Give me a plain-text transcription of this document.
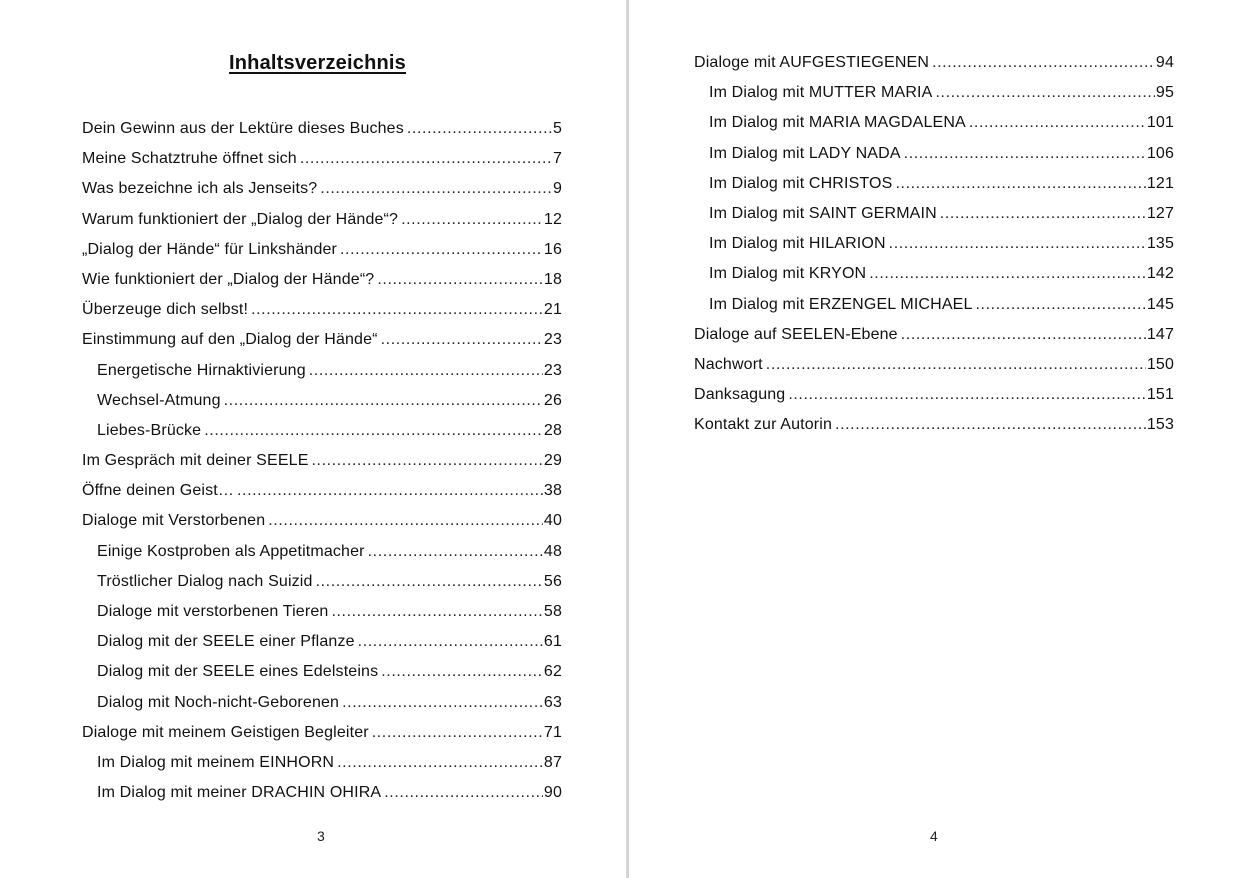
Inhaltsverzeichnis
Dein Gewinn aus der Lektüre dieses Buches .....	5
Meine Schatztruhe öffnet sich .....	7
Was bezeichne ich als Jenseits? .....	9
Warum funktioniert der „Dialog der Hände“? .....	12
„Dialog der Hände“ für Linkshänder .....	16
Wie funktioniert der „Dialog der Hände“? .....	18
Überzeuge dich selbst! .....	21
Einstimmung auf den „Dialog der Hände“ .....	23
Energetische Hirnaktivierung .....	23
Wechsel-Atmung .....	26
Liebes-Brücke .....	28
Im Gespräch mit deiner SEELE .....	29
Öffne deinen Geist… .....	38
Dialoge mit Verstorbenen .....	40
Einige Kostproben als Appetitmacher .....	48
Tröstlicher Dialog nach Suizid .....	56
Dialoge mit verstorbenen Tieren .....	58
Dialog mit der SEELE einer Pflanze .....	61
Dialog mit der SEELE eines Edelsteins .....	62
Dialog mit Noch-nicht-Geborenen .....	63
Dialoge mit meinem Geistigen Begleiter .....	71
Im Dialog mit meinem EINHORN .....	87
Im Dialog mit meiner DRACHIN OHIRA .....	90
3
Dialoge mit AUFGESTIEGENEN .....	94
Im Dialog mit MUTTER MARIA .....	95
Im Dialog mit MARIA MAGDALENA .....	101
Im Dialog mit LADY NADA .....	106
Im Dialog mit CHRISTOS .....	121
Im Dialog mit SAINT GERMAIN .....	127
Im Dialog mit HILARION .....	135
Im Dialog mit KRYON .....	142
Im Dialog mit ERZENGEL MICHAEL .....	145
Dialoge auf SEELEN-Ebene .....	147
Nachwort .....	150
Danksagung .....	151
Kontakt zur Autorin .....	153
4
